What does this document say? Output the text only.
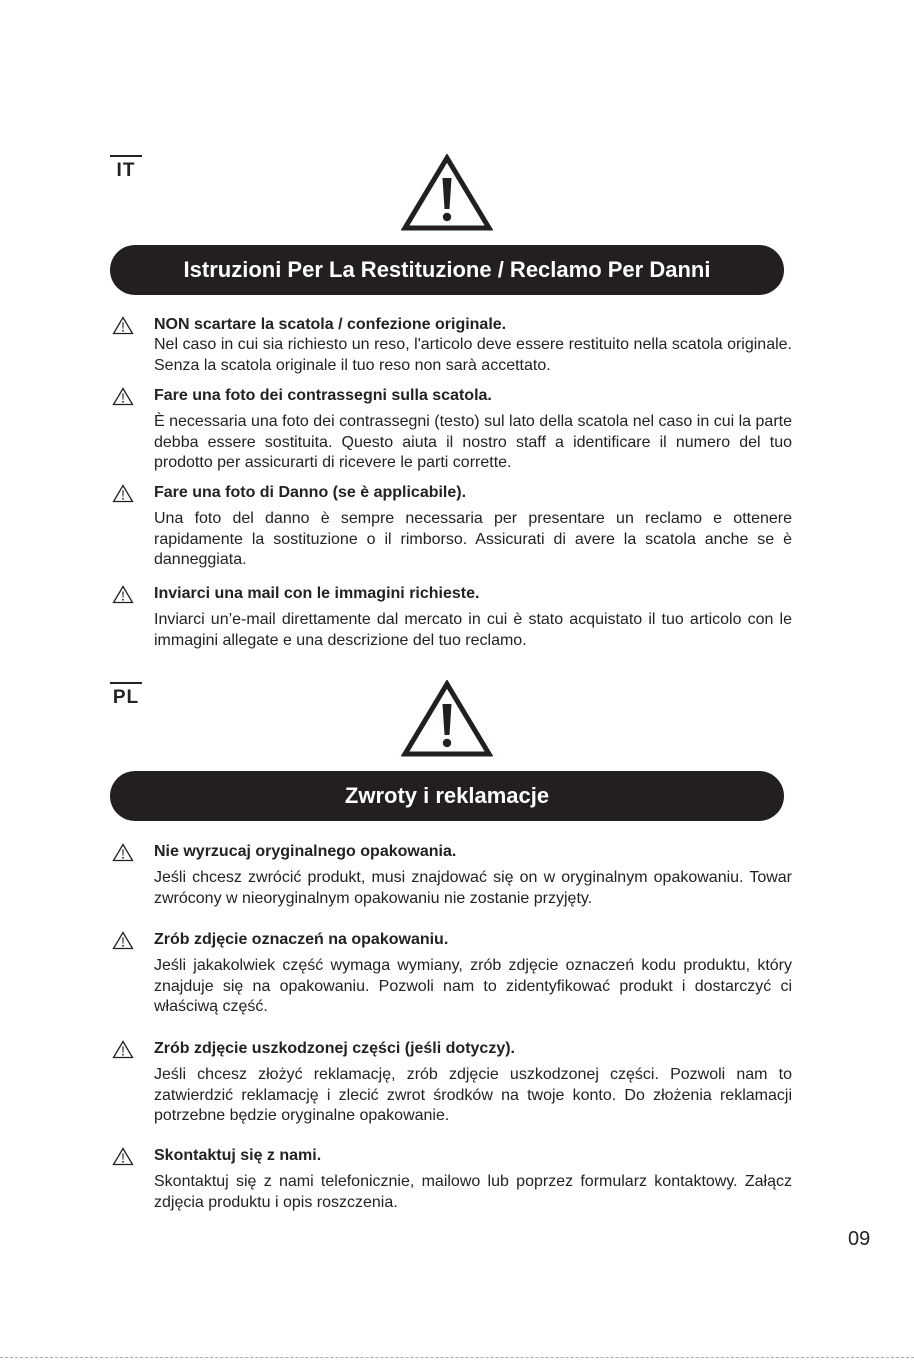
IT
Istruzioni Per La Restituzione / Reclamo Per Danni
NON scartare la scatola / confezione originale.
Nel caso in cui sia richiesto un reso, l'articolo deve essere restituito nella scatola originale. Senza la scatola originale il tuo reso non sarà accettato.
Fare una foto dei contrassegni sulla scatola.
È necessaria una foto dei contrassegni (testo) sul lato della scatola nel caso in cui la parte debba essere sostituita. Questo aiuta il nostro staff a identificare il numero del tuo prodotto per assicurarti di ricevere le parti corrette.
Fare una foto di Danno (se è applicabile).
Una foto del danno è sempre necessaria per presentare un reclamo e ottenere rapidamente la sostituzione o il rimborso. Assicurati di avere la scatola anche se è danneggiata.
Inviarci una mail con le immagini richieste.
Inviarci un’e-mail direttamente dal mercato in cui è stato acquistato il tuo articolo con le immagini allegate e una descrizione del tuo reclamo.
PL
Zwroty i reklamacje
Nie wyrzucaj oryginalnego opakowania.
Jeśli chcesz zwrócić produkt, musi znajdować się on w oryginalnym opakowaniu. Towar zwrócony w nieoryginalnym opakowaniu nie zostanie przyjęty.
Zrób zdjęcie oznaczeń na opakowaniu.
Jeśli jakakolwiek część wymaga wymiany, zrób zdjęcie oznaczeń kodu produktu, który znajduje się na opakowaniu. Pozwoli nam to zidentyfikować produkt i dostarczyć ci właściwą część.
Zrób zdjęcie uszkodzonej części (jeśli dotyczy).
Jeśli chcesz złożyć reklamację, zrób zdjęcie uszkodzonej części. Pozwoli nam to zatwierdzić reklamację i zlecić zwrot środków na twoje konto. Do złożenia reklamacji potrzebne będzie oryginalne opakowanie.
Skontaktuj się z nami.
Skontaktuj się z nami telefonicznie, mailowo lub poprzez formularz kontaktowy. Załącz zdjęcia produktu i opis roszczenia.
09
